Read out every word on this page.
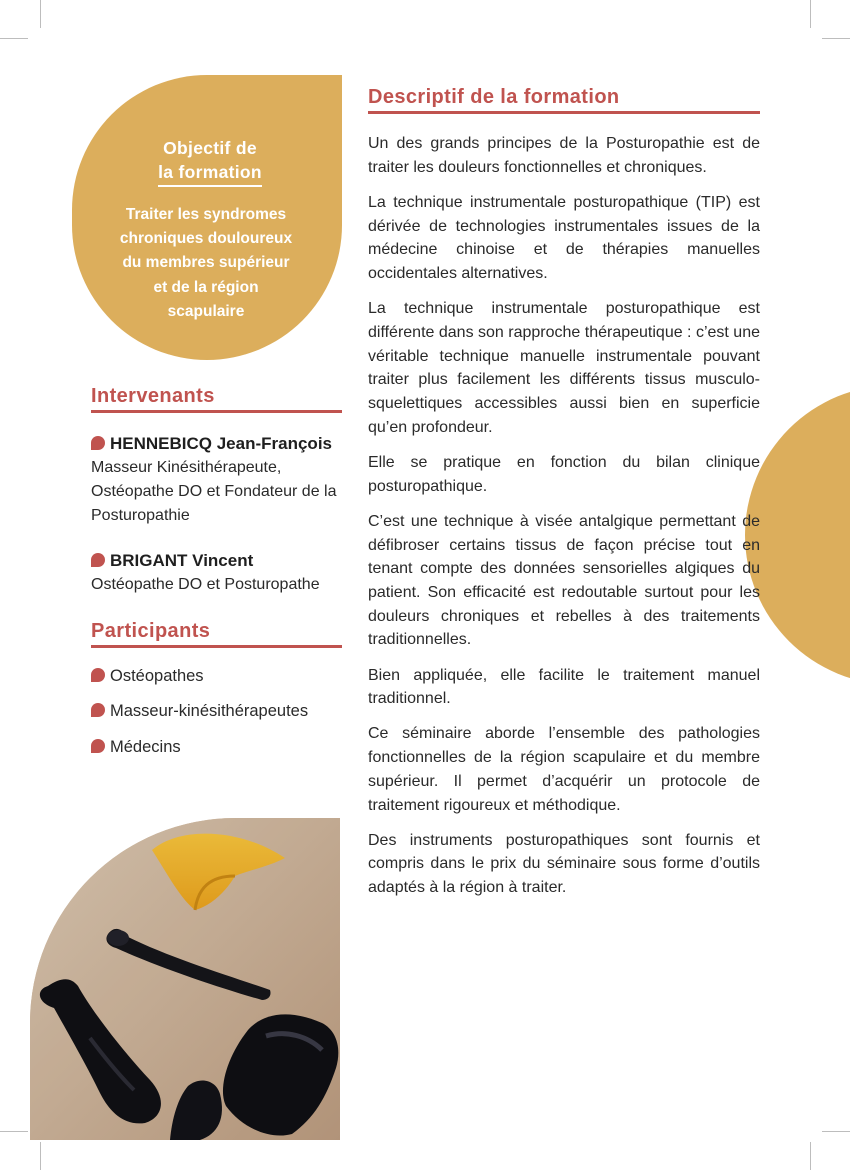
Objectif de
la formation
Traiter les syndromes
chroniques douloureux
du membres supérieur
et de la région
scapulaire
Intervenants
HENNEBICQ Jean-François
Masseur Kinésithérapeute,
Ostéopathe DO et Fondateur de la
Posturopathie
BRIGANT Vincent
Ostéopathe DO et Posturopathe
Participants
Ostéopathes
Masseur-kinésithérapeutes
Médecins
Descriptif de la formation

Un des grands principes de la Posturopathie est de traiter les douleurs fonctionnelles et chroniques.

La technique instrumentale posturopathique (TIP) est dérivée de technologies instrumentales issues de la médecine chinoise et de thérapies manuelles occidentales alternatives.

La technique instrumentale posturopathique est différente dans son rapproche thérapeutique : c’est une véritable technique manuelle instrumentale pouvant traiter plus facilement les différents tissus musculo-squelettiques accessibles aussi bien en superficie qu’en profondeur.

Elle se pratique en fonction du bilan clinique posturopathique.

C’est une technique à visée antalgique permettant de défibroser certains tissus de façon précise tout en tenant compte des données sensorielles algiques du patient. Son efficacité est redoutable surtout pour les douleurs chroniques et rebelles à des traitements traditionnelles.

Bien appliquée, elle facilite le traitement manuel traditionnel.

Ce séminaire aborde l’ensemble des pathologies fonctionnelles de la région scapulaire et du membre supérieur. Il permet d’acquérir un protocole de traitement rigoureux et méthodique.

Des instruments posturopathiques sont fournis et compris dans le prix du séminaire sous forme d’outils adaptés à la région à traiter.
